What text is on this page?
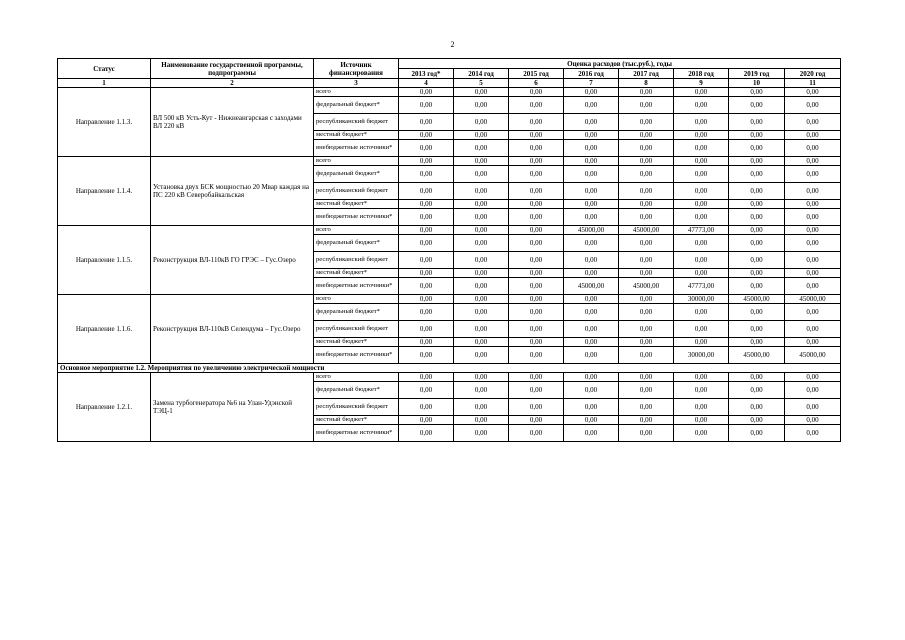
2
Статус	Наименование государственной программы, подпрограммы	Источник финансирования	Оценка расходов (тыс.руб.), годы							
			2013 год*	2014 год	2015 год	2016 год	2017 год	2018 год	2019 год	2020 год
1	2	3	4	5	6	7	8	9	10	11
Направление 1.1.3.	ВЛ 500 кВ Усть-Кут - Нижнеангарская с заходами ВЛ 220 кВ	всего	0,00	0,00	0,00	0,00	0,00	0,00	0,00	0,00
		федеральный бюджет*	0,00	0,00	0,00	0,00	0,00	0,00	0,00	0,00
		республиканский бюджет	0,00	0,00	0,00	0,00	0,00	0,00	0,00	0,00
		местный бюджет*	0,00	0,00	0,00	0,00	0,00	0,00	0,00	0,00
		внебюджетные источники*	0,00	0,00	0,00	0,00	0,00	0,00	0,00	0,00
Направление 1.1.4.	Установка двух БСК мощностью 20 Мвар каждая на ПС 220 кВ Северобайкальская	всего	0,00	0,00	0,00	0,00	0,00	0,00	0,00	0,00
		федеральный бюджет*	0,00	0,00	0,00	0,00	0,00	0,00	0,00	0,00
		республиканский бюджет	0,00	0,00	0,00	0,00	0,00	0,00	0,00	0,00
		местный бюджет*	0,00	0,00	0,00	0,00	0,00	0,00	0,00	0,00
		внебюджетные источники*	0,00	0,00	0,00	0,00	0,00	0,00	0,00	0,00
Направление 1.1.5.	Реконструкция ВЛ-110кВ ГО ГРЭС – Гус.Озеро	всего	0,00	0,00	0,00	45000,00	45000,00	47773,00	0,00	0,00
		федеральный бюджет*	0,00	0,00	0,00	0,00	0,00	0,00	0,00	0,00
		республиканский бюджет	0,00	0,00	0,00	0,00	0,00	0,00	0,00	0,00
		местный бюджет*	0,00	0,00	0,00	0,00	0,00	0,00	0,00	0,00
		внебюджетные источники*	0,00	0,00	0,00	45000,00	45000,00	47773,00	0,00	0,00
Направление 1.1.6.	Реконструкция ВЛ-110кВ Селендума – Гус.Озеро	всего	0,00	0,00	0,00	0,00	0,00	30000,00	45000,00	45000,00
		федеральный бюджет*	0,00	0,00	0,00	0,00	0,00	0,00	0,00	0,00
		республиканский бюджет	0,00	0,00	0,00	0,00	0,00	0,00	0,00	0,00
		местный бюджет*	0,00	0,00	0,00	0,00	0,00	0,00	0,00	0,00
		внебюджетные источники*	0,00	0,00	0,00	0,00	0,00	30000,00	45000,00	45000,00
Основное мероприятие 1.2. Мероприятия по увеличению электрической мощности										
Направление 1.2.1.	Замена турбогенератора №6 на Улан-Удэнской ТЭЦ-1	всего	0,00	0,00	0,00	0,00	0,00	0,00	0,00	0,00
		федеральный бюджет*	0,00	0,00	0,00	0,00	0,00	0,00	0,00	0,00
		республиканский бюджет	0,00	0,00	0,00	0,00	0,00	0,00	0,00	0,00
		местный бюджет*	0,00	0,00	0,00	0,00	0,00	0,00	0,00	0,00
		внебюджетные источники*	0,00	0,00	0,00	0,00	0,00	0,00	0,00	0,00
